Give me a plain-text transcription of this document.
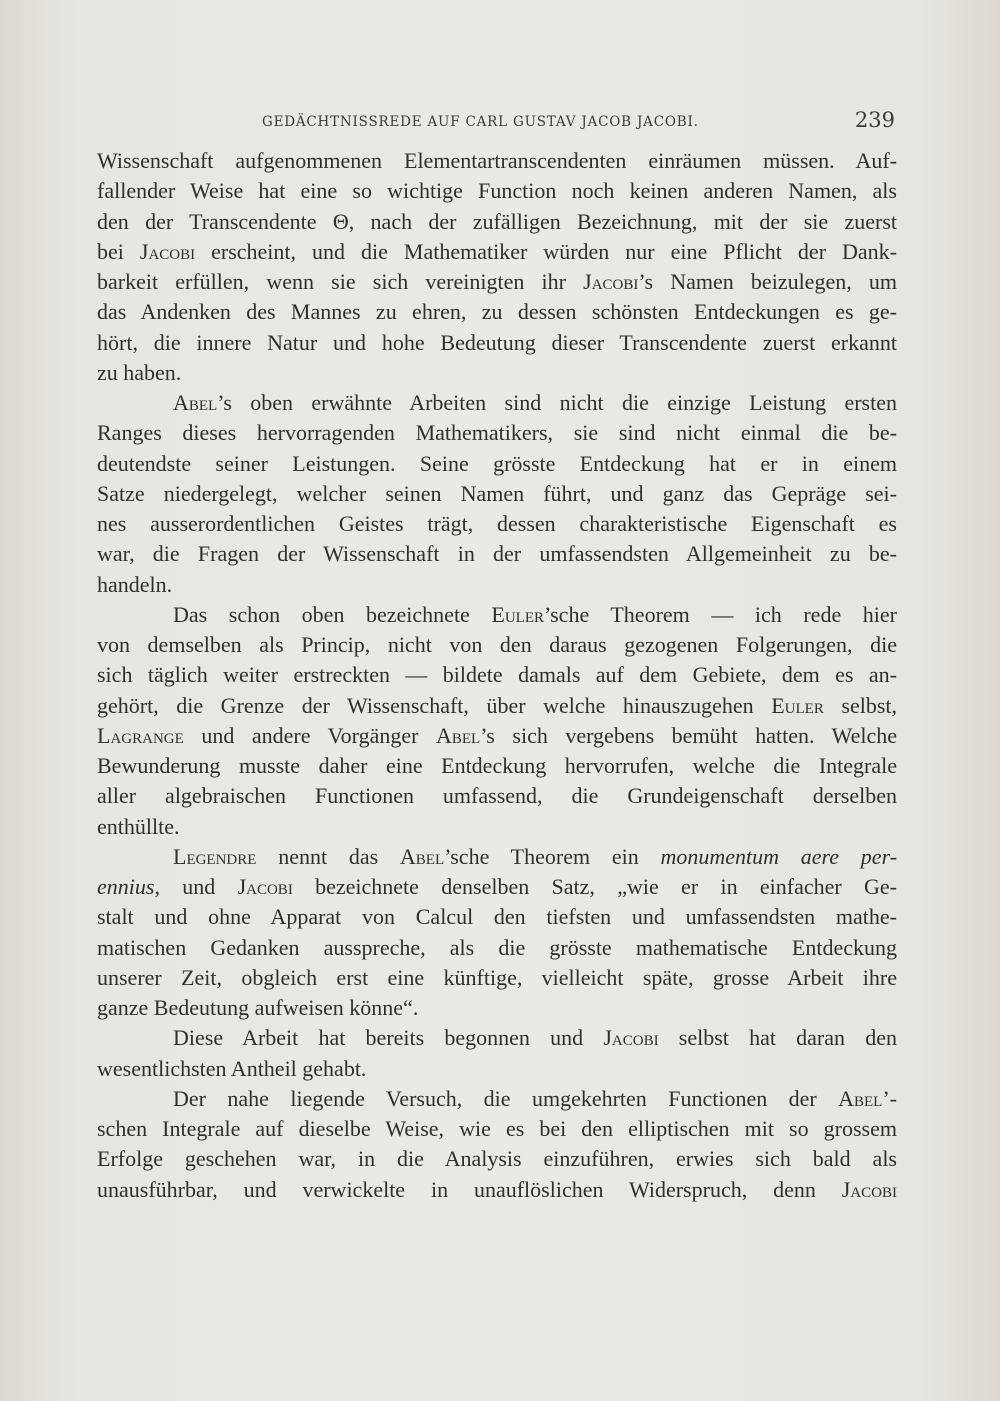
GEDÄCHTNISSREDE AUF CARL GUSTAV JACOB JACOBI.	239
Wissenschaft aufgenommenen Elementartranscendenten einräumen müssen. Auf-
fallender Weise hat eine so wichtige Function noch keinen anderen Namen, als
den der Transcendente Θ, nach der zufälligen Bezeichnung, mit der sie zuerst
bei Jacobi erscheint, und die Mathematiker würden nur eine Pflicht der Dank-
barkeit erfüllen, wenn sie sich vereinigten ihr Jacobi’s Namen beizulegen, um
das Andenken des Mannes zu ehren, zu dessen schönsten Entdeckungen es ge-
hört, die innere Natur und hohe Bedeutung dieser Transcendente zuerst erkannt
zu haben.
Abel’s oben erwähnte Arbeiten sind nicht die einzige Leistung ersten
Ranges dieses hervorragenden Mathematikers, sie sind nicht einmal die be-
deutendste seiner Leistungen. Seine grösste Entdeckung hat er in einem
Satze niedergelegt, welcher seinen Namen führt, und ganz das Gepräge sei-
nes ausserordentlichen Geistes trägt, dessen charakteristische Eigenschaft es
war, die Fragen der Wissenschaft in der umfassendsten Allgemeinheit zu be-
handeln.
Das schon oben bezeichnete Euler’sche Theorem — ich rede hier
von demselben als Princip, nicht von den daraus gezogenen Folgerungen, die
sich täglich weiter erstreckten — bildete damals auf dem Gebiete, dem es an-
gehört, die Grenze der Wissenschaft, über welche hinauszugehen Euler selbst,
Lagrange und andere Vorgänger Abel’s sich vergebens bemüht hatten. Welche
Bewunderung musste daher eine Entdeckung hervorrufen, welche die Integrale
aller algebraischen Functionen umfassend, die Grundeigenschaft derselben
enthüllte.
Legendre nennt das Abel’sche Theorem ein monumentum aere per-
ennius, und Jacobi bezeichnete denselben Satz, „wie er in einfacher Ge-
stalt und ohne Apparat von Calcul den tiefsten und umfassendsten mathe-
matischen Gedanken ausspreche, als die grösste mathematische Entdeckung
unserer Zeit, obgleich erst eine künftige, vielleicht späte, grosse Arbeit ihre
ganze Bedeutung aufweisen könne“.
Diese Arbeit hat bereits begonnen und Jacobi selbst hat daran den
wesentlichsten Antheil gehabt.
Der nahe liegende Versuch, die umgekehrten Functionen der Abel’-
schen Integrale auf dieselbe Weise, wie es bei den elliptischen mit so grossem
Erfolge geschehen war, in die Analysis einzuführen, erwies sich bald als
unausführbar, und verwickelte in unauflöslichen Widerspruch, denn Jacobi
